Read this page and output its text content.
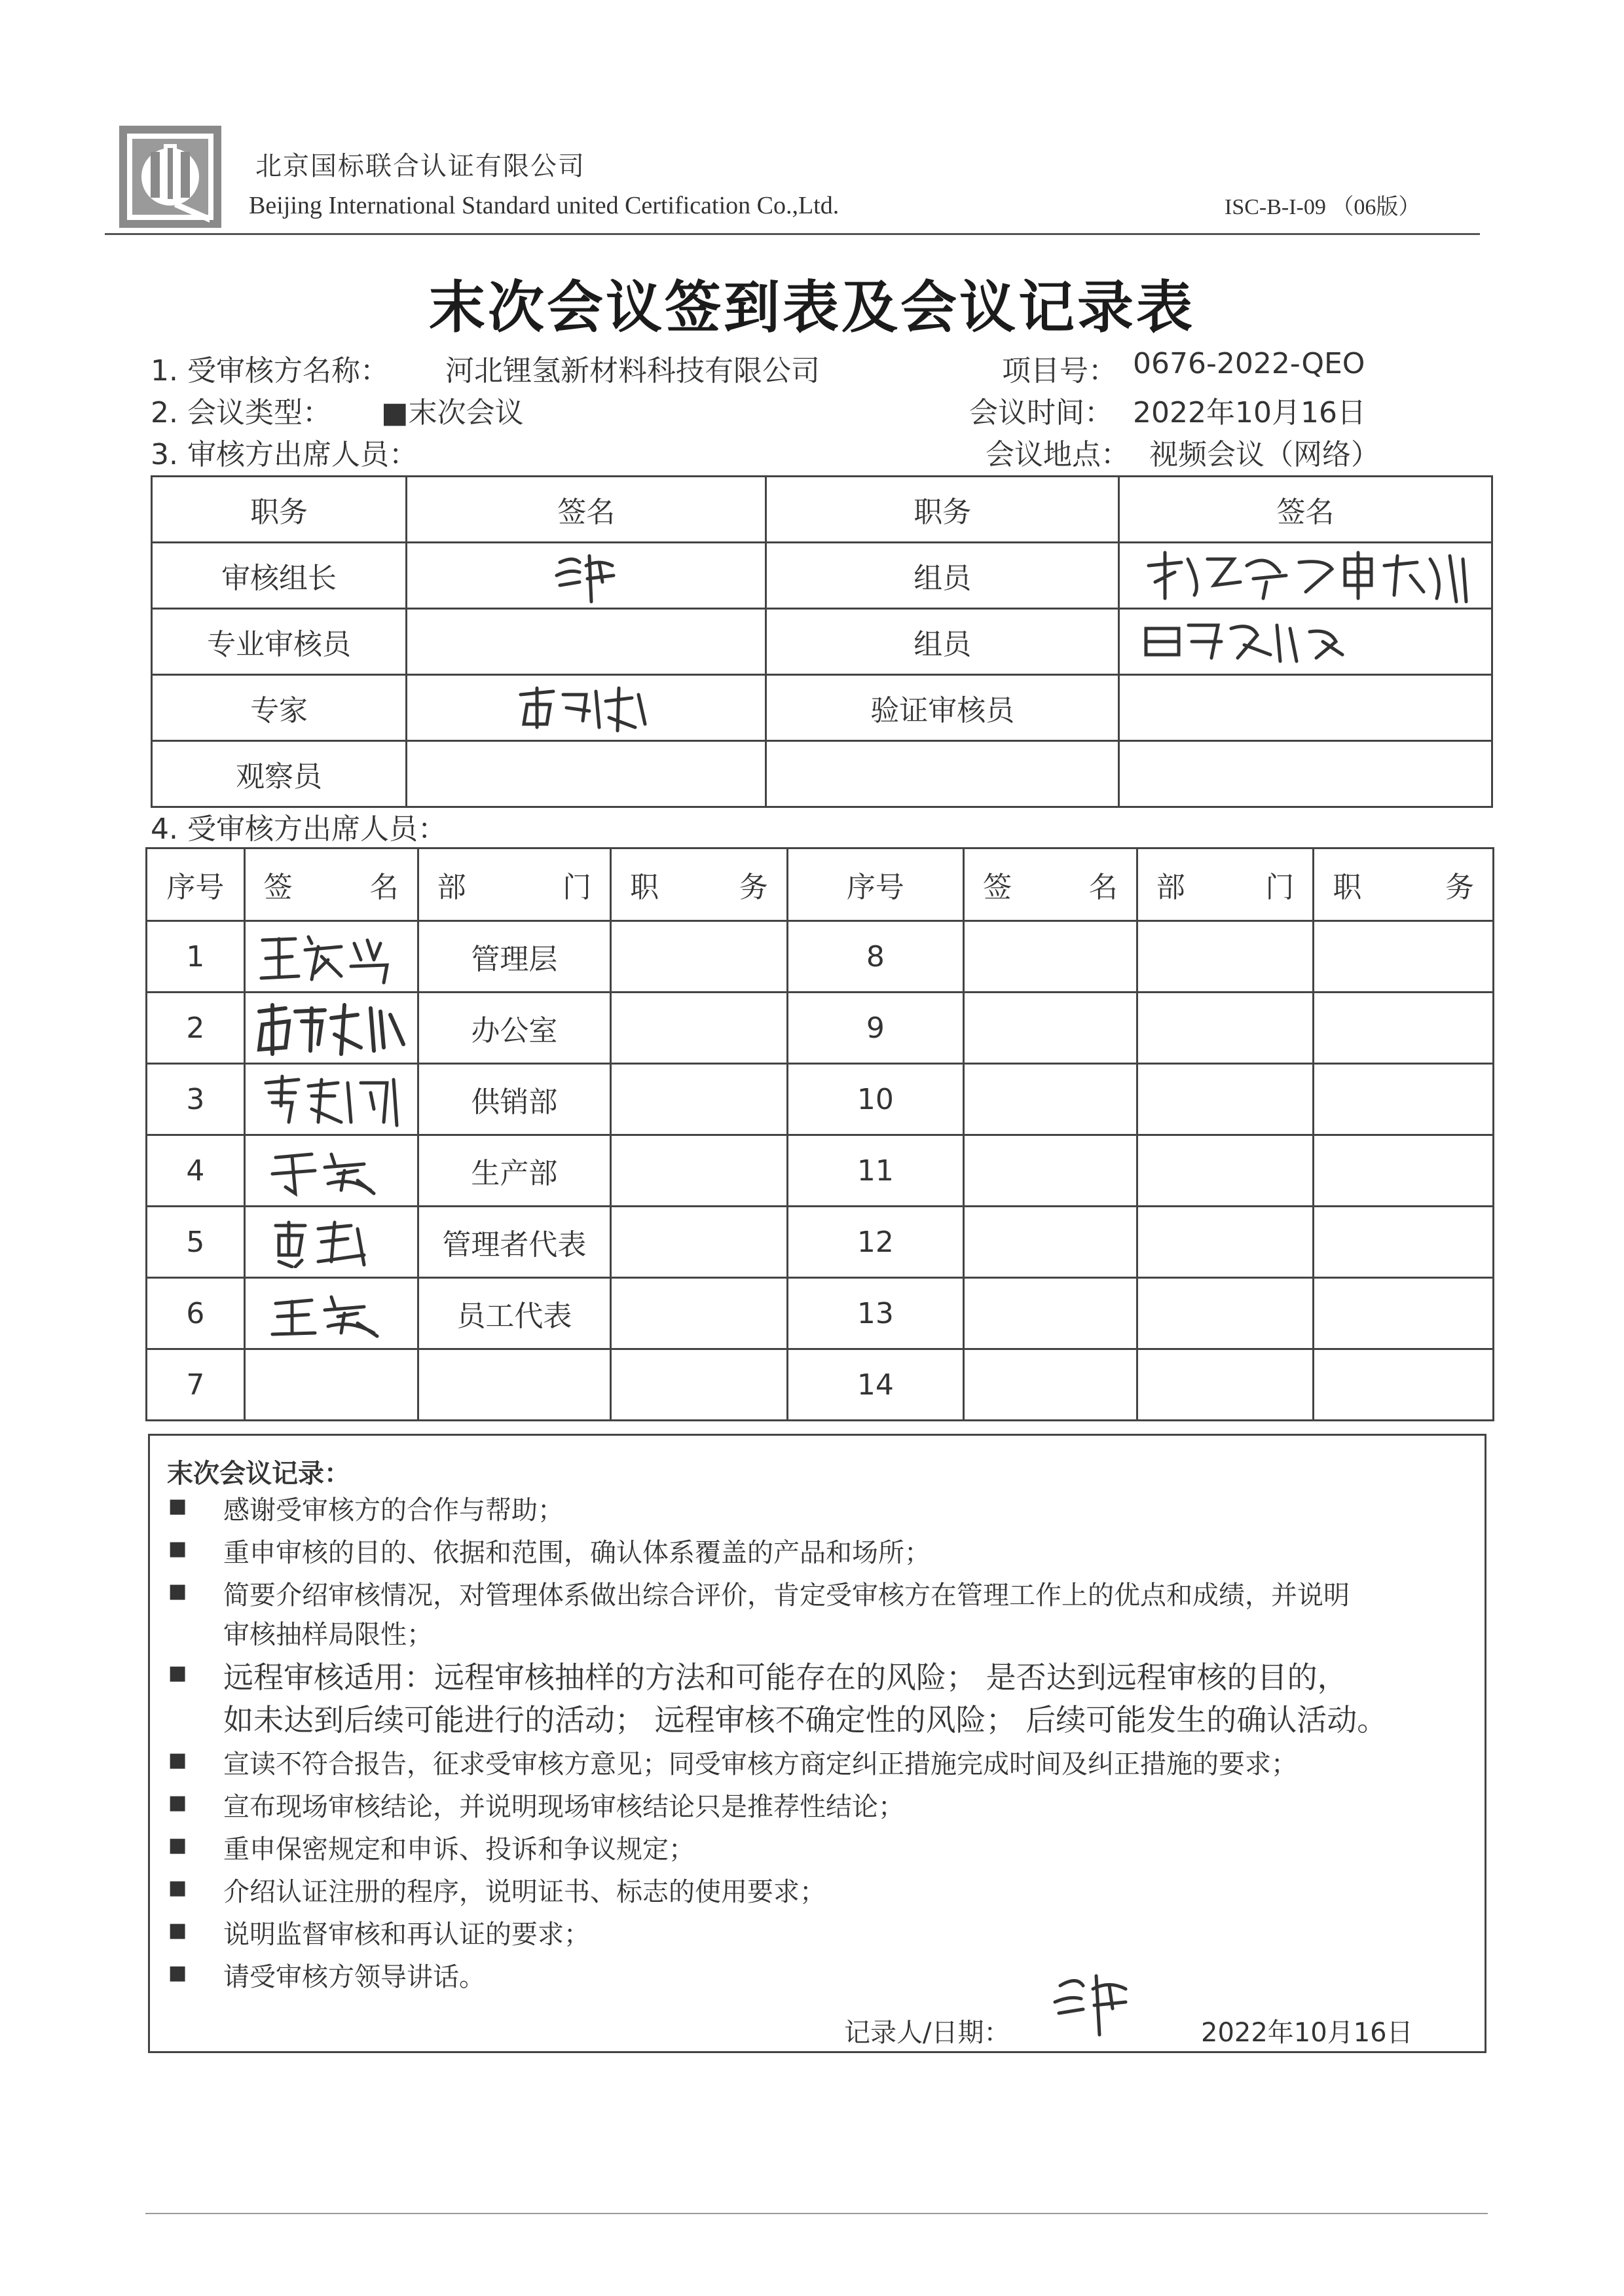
北京国标联合认证有限公司
Beijing International Standard united Certification Co.,Ltd.	ISC-B-I-09 （06版）
末次会议签到表及会议记录表
1. 受审核方名称： 河北锂氢新材料科技有限公司	项目号： 0676-2022-QEO
2. 会议类型： ■末次会议	会议时间： 2022年10月16日
3. 审核方出席人员：	会议地点： 视频会议（网络）
职务	签名	职务	签名
审核组长		组员	

专业审核员		组员	

专家		验证审核员	
观察员			
4. 受审核方出席人员：
序号	签 名	部 门	职 务	序号	签 名	部 门	职 务

1		管理层		8			
2		办公室		9			
3		供销部		10			
4		生产部		11			
5		管理者代表		12			
6		员工代表		13			
7				14			
末次会议记录：
■ 感谢受审核方的合作与帮助；
■ 重申审核的目的、依据和范围，确认体系覆盖的产品和场所；
■ 简要介绍审核情况，对管理体系做出综合评价，肯定受审核方在管理工作上的优点和成绩，并说明
审核抽样局限性；
■ 远程审核适用：远程审核抽样的方法和可能存在的风险； 是否达到远程审核的目的，
如未达到后续可能进行的活动； 远程审核不确定性的风险； 后续可能发生的确认活动。
■ 宣读不符合报告，征求受审核方意见；同受审核方商定纠正措施完成时间及纠正措施的要求；
■ 宣布现场审核结论，并说明现场审核结论只是推荐性结论；
■ 重申保密规定和申诉、投诉和争议规定；
■ 介绍认证注册的程序，说明证书、标志的使用要求；
■ 说明监督审核和再认证的要求；
■ 请受审核方领导讲话。
记录人/日期：	2022年10月16日
